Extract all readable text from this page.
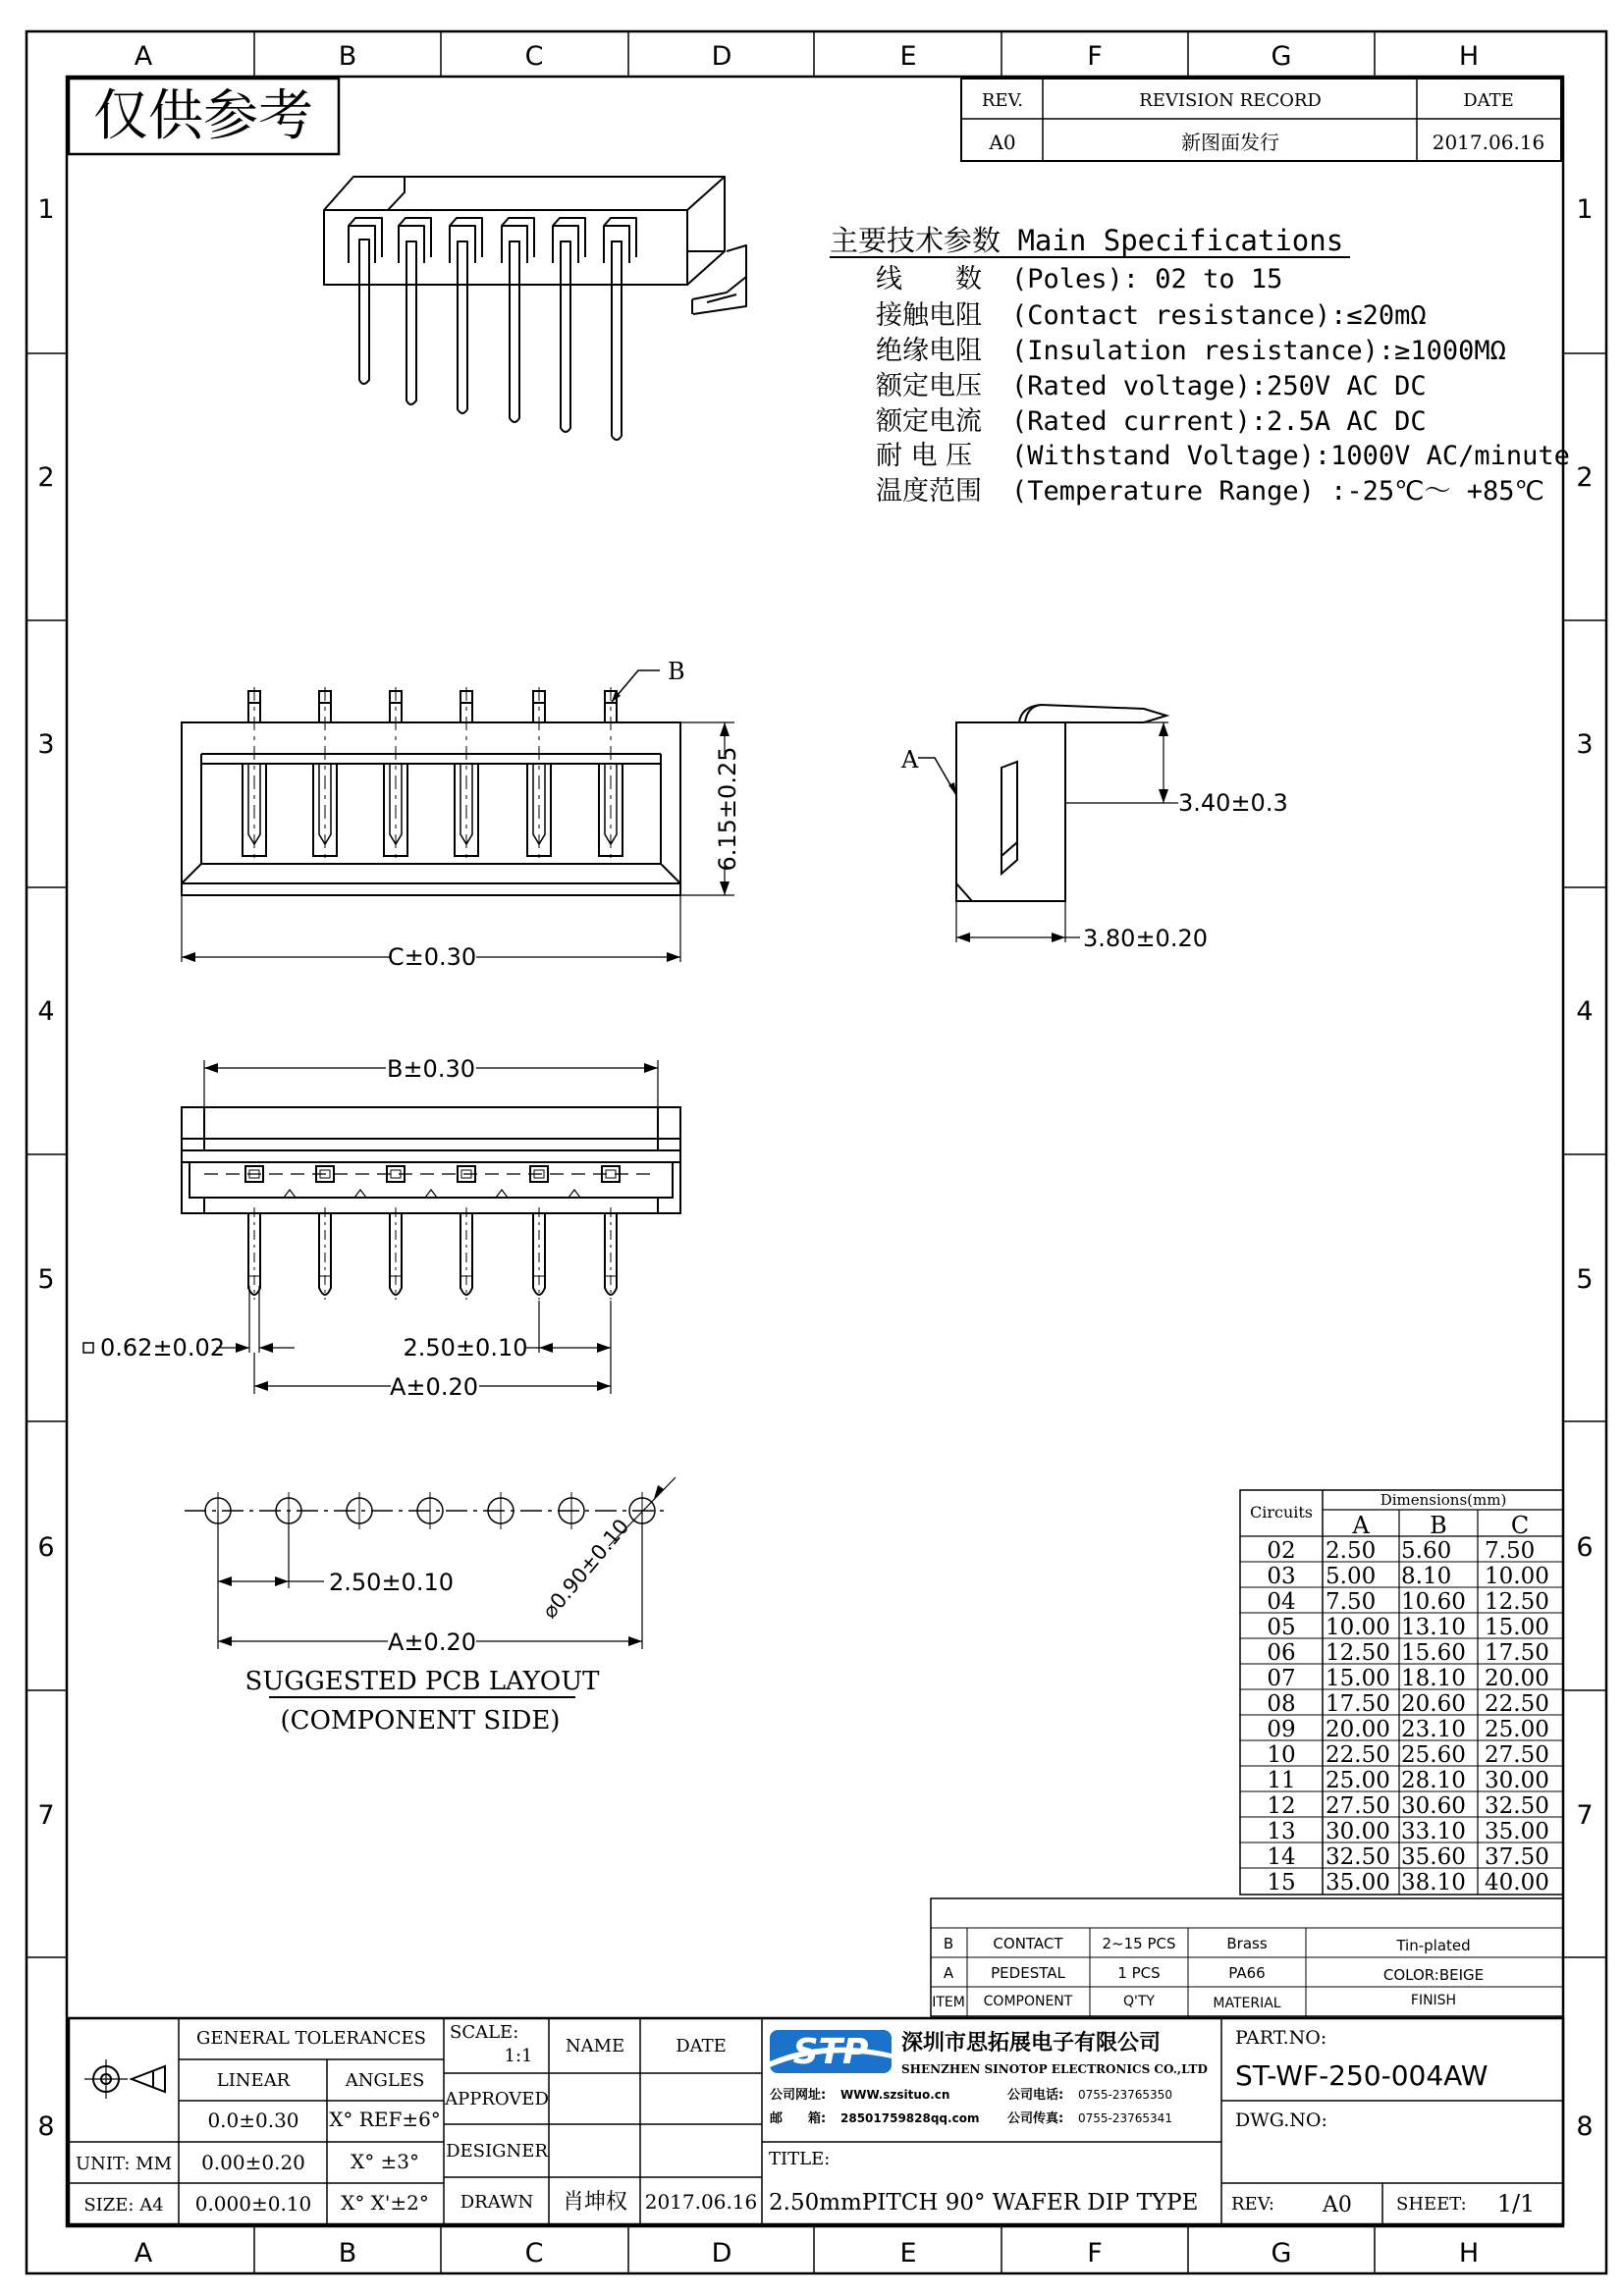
A	B	C	D	E	F	G	H
A	B	C	D	E	F	G	H
1
2
3
4
5
6
7
8
1
2
3
4
5
6
7
8
仅供参考	REV.	REVISION RECORD	DATE
A0	新图面发行	2017.06.16
主要技术参数 Main Specifications
线　　数 (Poles): 02 to 15
接触电阻 (Contact resistance):≤20mΩ
绝缘电阻 (Insulation resistance):≥1000MΩ
额定电压 (Rated voltage):250V AC DC
额定电流 (Rated current):2.5A AC DC
耐 电 压 (Withstand Voltage):1000V AC/minute
温度范围 (Temperature Range) :-25℃～ +85℃
C±0.30
B
6.15±0.25	A
3.40±0.3
3.80±0.20
B±0.30
0.62±0.02	2.50±0.10
A±0.20
2.50±0.10
A±0.20
⌀0.90±0.10
SUGGESTED PCB LAYOUT
(COMPONENT SIDE)
Dimensions(mm)
Circuits A	B	C
02 2.50 5.60 7.50
03 5.00 8.10 10.00
04 7.50 10.60 12.50
05 10.00 13.10 15.00
06 12.50 15.60 17.50
07 15.00 18.10 20.00
08 17.50 20.60 22.50
09 20.00 23.10 25.00
10 22.50 25.60 27.50
11 25.00 28.10 30.00
12 27.50 30.60 32.50
13 30.00 33.10 35.00
14 32.50 35.60 37.50
15 35.00 38.10 40.00
B	CONTACT	2~15 PCS	Brass	Tin-plated
A	PEDESTAL	1 PCS	PA66	COLOR:BEIGE
ITEM COMPONENT	Q'TY	MATERIAL	FINISH
GENERAL TOLERANCES
LINEAR	ANGLES
0.0±0.30 X° REF±6°
UNIT: MM 0.00±0.20 X° ±3°
SIZE: A4 0.000±0.10 X° X'±2°
SCALE:
1:1 NAME	DATE
APPROVED
DESIGNER
DRAWN 肖坤权 2017.06.16
TITLE:
2.50mmPITCH 90° WAFER DIP TYPE
PART.NO:
ST-WF-250-004AW
DWG.NO:
REV: A0	SHEET: 1/1
STP 深圳市思拓展电子有限公司
SHENZHEN SINOTOP ELECTRONICS CO.,LTD
公司网址: WWW.szsituo.cn	公司电话: 0755-23765350
邮　　箱: 28501759828qq.com 公司传真: 0755-23765341
